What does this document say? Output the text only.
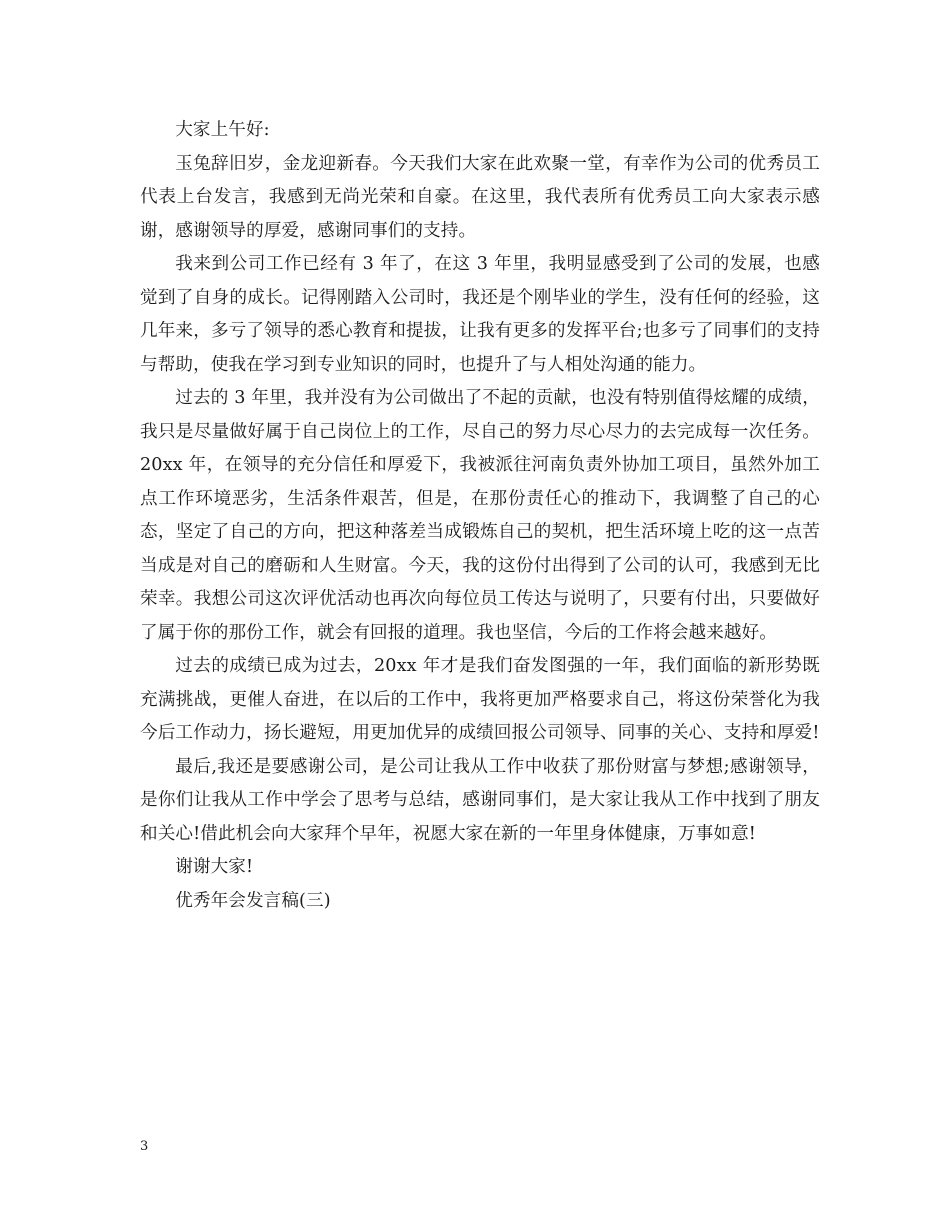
大家上午好:

玉兔辞旧岁，金龙迎新春。今天我们大家在此欢聚一堂，有幸作为公司的优秀员工代表上台发言，我感到无尚光荣和自豪。在这里，我代表所有优秀员工向大家表示感谢，感谢领导的厚爱，感谢同事们的支持。

我来到公司工作已经有 3 年了，在这 3 年里，我明显感受到了公司的发展，也感觉到了自身的成长。记得刚踏入公司时，我还是个刚毕业的学生，没有任何的经验，这几年来，多亏了领导的悉心教育和提拔，让我有更多的发挥平台;也多亏了同事们的支持与帮助，使我在学习到专业知识的同时，也提升了与人相处沟通的能力。

过去的 3 年里，我并没有为公司做出了不起的贡献，也没有特别值得炫耀的成绩，我只是尽量做好属于自己岗位上的工作，尽自己的努力尽心尽力的去完成每一次任务。20xx 年，在领导的充分信任和厚爱下，我被派往河南负责外协加工项目，虽然外加工点工作环境恶劣，生活条件艰苦，但是，在那份责任心的推动下，我调整了自己的心态，坚定了自己的方向，把这种落差当成锻炼自己的契机，把生活环境上吃的这一点苦当成是对自己的磨砺和人生财富。今天，我的这份付出得到了公司的认可，我感到无比荣幸。我想公司这次评优活动也再次向每位员工传达与说明了，只要有付出，只要做好了属于你的那份工作，就会有回报的道理。我也坚信，今后的工作将会越来越好。

过去的成绩已成为过去，20xx 年才是我们奋发图强的一年，我们面临的新形势既充满挑战，更催人奋进，在以后的工作中，我将更加严格要求自己，将这份荣誉化为我今后工作动力，扬长避短，用更加优异的成绩回报公司领导、同事的关心、支持和厚爱!

最后,我还是要感谢公司，是公司让我从工作中收获了那份财富与梦想;感谢领导，是你们让我从工作中学会了思考与总结，感谢同事们，是大家让我从工作中找到了朋友和关心!借此机会向大家拜个早年，祝愿大家在新的一年里身体健康，万事如意!

谢谢大家!

优秀年会发言稿(三)

3
